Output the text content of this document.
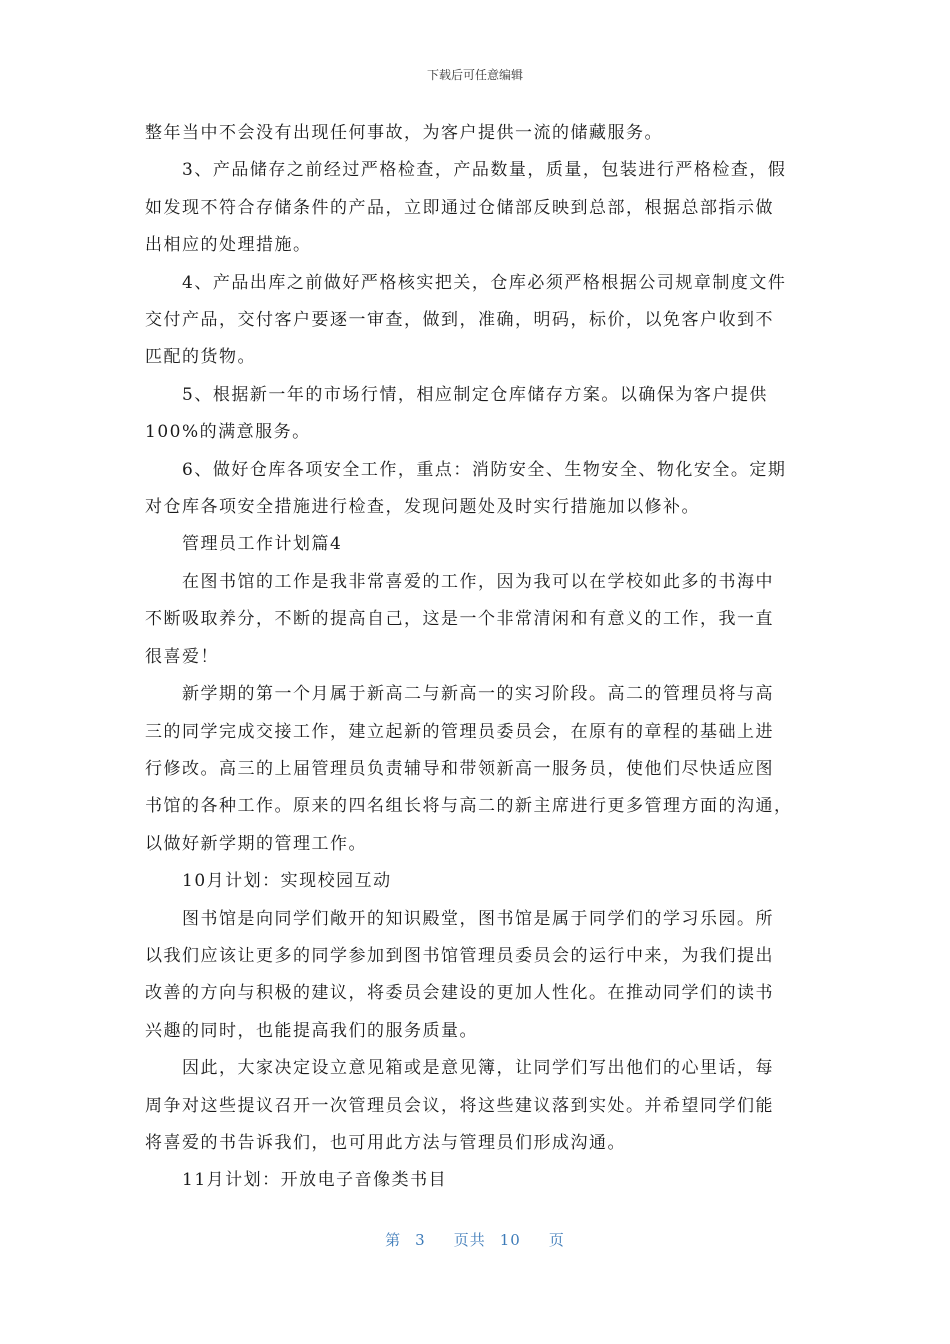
下载后可任意编辑

整年当中不会没有出现任何事故，为客户提供一流的储藏服务。

3、产品储存之前经过严格检查，产品数量，质量，包装进行严格检查，假
如发现不符合存储条件的产品，立即通过仓储部反映到总部，根据总部指示做
出相应的处理措施。

4、产品出库之前做好严格核实把关，仓库必须严格根据公司规章制度文件
交付产品，交付客户要逐一审查，做到，准确，明码，标价，以免客户收到不
匹配的货物。

5、根据新一年的市场行情，相应制定仓库储存方案。以确保为客户提供
100%的满意服务。

6、做好仓库各项安全工作，重点：消防安全、生物安全、物化安全。定期
对仓库各项安全措施进行检查，发现问题处及时实行措施加以修补。

管理员工作计划篇4

在图书馆的工作是我非常喜爱的工作，因为我可以在学校如此多的书海中
不断吸取养分，不断的提高自己，这是一个非常清闲和有意义的工作，我一直
很喜爱！

新学期的第一个月属于新高二与新高一的实习阶段。高二的管理员将与高
三的同学完成交接工作，建立起新的管理员委员会，在原有的章程的基础上进
行修改。高三的上届管理员负责辅导和带领新高一服务员，使他们尽快适应图
书馆的各种工作。原来的四名组长将与高二的新主席进行更多管理方面的沟通，
以做好新学期的管理工作。

10月计划：实现校园互动

图书馆是向同学们敞开的知识殿堂，图书馆是属于同学们的学习乐园。所
以我们应该让更多的同学参加到图书馆管理员委员会的运行中来，为我们提出
改善的方向与积极的建议，将委员会建设的更加人性化。在推动同学们的读书
兴趣的同时，也能提高我们的服务质量。

因此，大家决定设立意见箱或是意见簿，让同学们写出他们的心里话，每
周争对这些提议召开一次管理员会议，将这些建议落到实处。并希望同学们能
将喜爱的书告诉我们，也可用此方法与管理员们形成沟通。

11月计划：开放电子音像类书目

第 3 页共 10 页
